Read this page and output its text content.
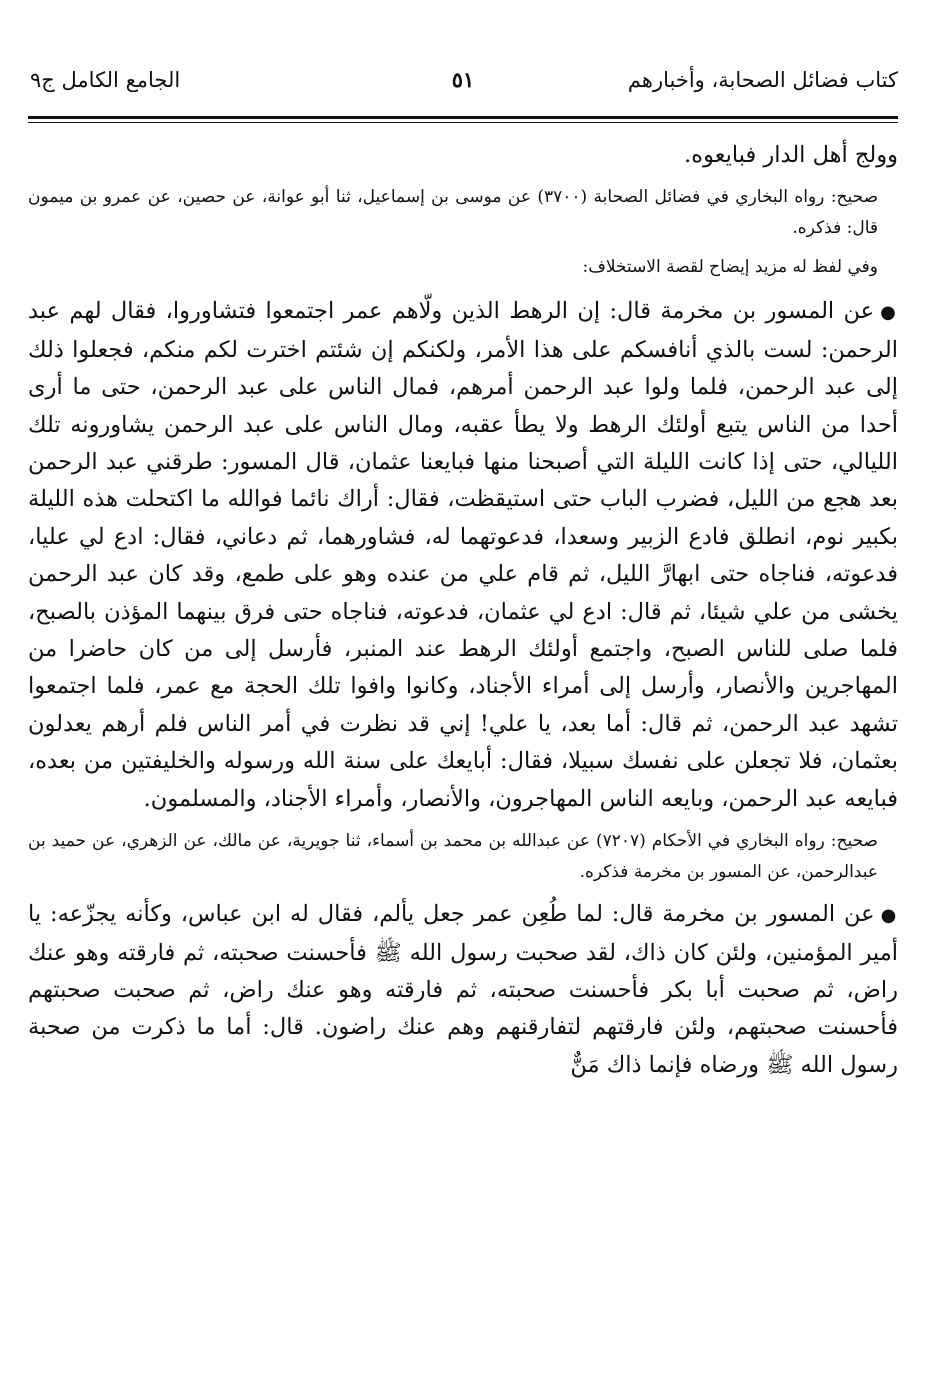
كتاب فضائل الصحابة، وأخبارهم
٥١
الجامع الكامل ج٩

وولج أهل الدار فبايعوه.

صحيح: رواه البخاري في فضائل الصحابة (٣٧٠٠) عن موسى بن إسماعيل، ثنا أبو عوانة، عن حصين، عن عمرو بن ميمون قال: فذكره.

وفي لفظ له مزيد إيضاح لقصة الاستخلاف:

●عن المسور بن مخرمة قال: إن الرهط الذين ولّاهم عمر اجتمعوا فتشاوروا، فقال لهم عبد الرحمن: لست بالذي أنافسكم على هذا الأمر، ولكنكم إن شئتم اخترت لكم منكم، فجعلوا ذلك إلى عبد الرحمن، فلما ولوا عبد الرحمن أمرهم، فمال الناس على عبد الرحمن، حتى ما أرى أحدا من الناس يتبع أولئك الرهط ولا يطأ عقبه، ومال الناس على عبد الرحمن يشاورونه تلك الليالي، حتى إذا كانت الليلة التي أصبحنا منها فبايعنا عثمان، قال المسور: طرقني عبد الرحمن بعد هجع من الليل، فضرب الباب حتى استيقظت، فقال: أراك نائما فوالله ما اكتحلت هذه الليلة بكبير نوم، انطلق فادع الزبير وسعدا، فدعوتهما له، فشاورهما، ثم دعاني، فقال: ادع لي عليا، فدعوته، فناجاه حتى ابهارَّ الليل، ثم قام علي من عنده وهو على طمع، وقد كان عبد الرحمن يخشى من علي شيئا، ثم قال: ادع لي عثمان، فدعوته، فناجاه حتى فرق بينهما المؤذن بالصبح، فلما صلى للناس الصبح، واجتمع أولئك الرهط عند المنبر، فأرسل إلى من كان حاضرا من المهاجرين والأنصار، وأرسل إلى أمراء الأجناد، وكانوا وافوا تلك الحجة مع عمر، فلما اجتمعوا تشهد عبد الرحمن، ثم قال: أما بعد، يا علي! إني قد نظرت في أمر الناس فلم أرهم يعدلون بعثمان، فلا تجعلن على نفسك سبيلا، فقال: أبايعك على سنة الله ورسوله والخليفتين من بعده، فبايعه عبد الرحمن، وبايعه الناس المهاجرون، والأنصار، وأمراء الأجناد، والمسلمون.

صحيح: رواه البخاري في الأحكام (٧٢٠٧) عن عبدالله بن محمد بن أسماء، ثنا جويرية، عن مالك، عن الزهري، عن حميد بن عبدالرحمن، عن المسور بن مخرمة فذكره.

●عن المسور بن مخرمة قال: لما طُعِن عمر جعل يألم، فقال له ابن عباس، وكأنه يجزّعه: يا أمير المؤمنين، ولئن كان ذاك، لقد صحبت رسول الله ﷺ فأحسنت صحبته، ثم فارقته وهو عنك راض، ثم صحبت أبا بكر فأحسنت صحبته، ثم فارقته وهو عنك راض، ثم صحبت صحبتهم فأحسنت صحبتهم، ولئن فارقتهم لتفارقنهم وهم عنك راضون. قال: أما ما ذكرت من صحبة رسول الله ﷺ ورضاه فإنما ذاك مَنٌّ
